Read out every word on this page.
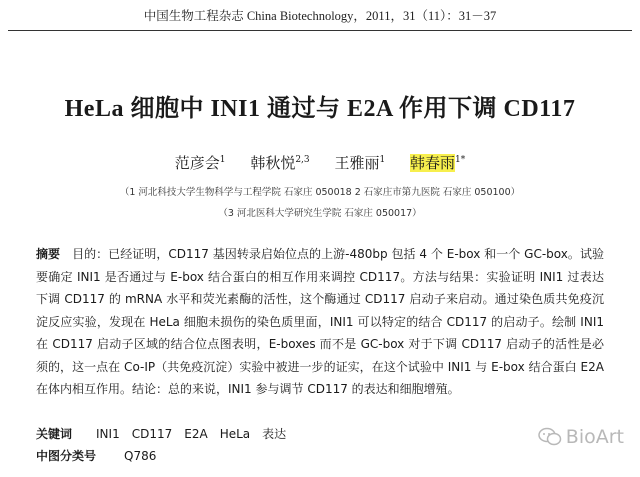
中国生物工程杂志 China Biotechnology，2011，31（11）：31－37
HeLa 细胞中 INI1 通过与 E2A 作用下调 CD117
范彦会$^1$ 韩秋悦$^{2,3}$ 王雅丽$^1$ 韩春雨$^{1*}$
（1 河北科技大学生物科学与工程学院 石家庄 050018 2 石家庄市第九医院 石家庄 050100）
（3 河北医科大学研究生学院 石家庄 050017）
摘要 目的：已经证明，CD117 基因转录启始位点的上游-480bp 包括 4 个 E-box 和一个 GC-box。试验要确定 INI1 是否通过与 E-box 结合蛋白的相互作用来调控 CD117。方法与结果：实验证明 INI1 过表达下调 CD117 的 mRNA 水平和荧光素酶的活性，这个酶通过 CD117 启动子来启动。通过染色质共免疫沉淀反应实验，发现在 HeLa 细胞未损伤的染色质里面，INI1 可以特定的结合 CD117 的启动子。绘制 INI1 在 CD117 启动子区域的结合位点图表明，E-boxes 而不是 GC-box 对于下调 CD117 启动子的活性是必须的，这一点在 Co-IP（共免疫沉淀）实验中被进一步的证实，在这个试验中 INI1 与 E-box 结合蛋白 E2A 在体内相互作用。结论：总的来说，INI1 参与调节 CD117 的表达和细胞增殖。
关键词 INI1 CD117 E2A HeLa 表达
中图分类号 Q786
BioArt
